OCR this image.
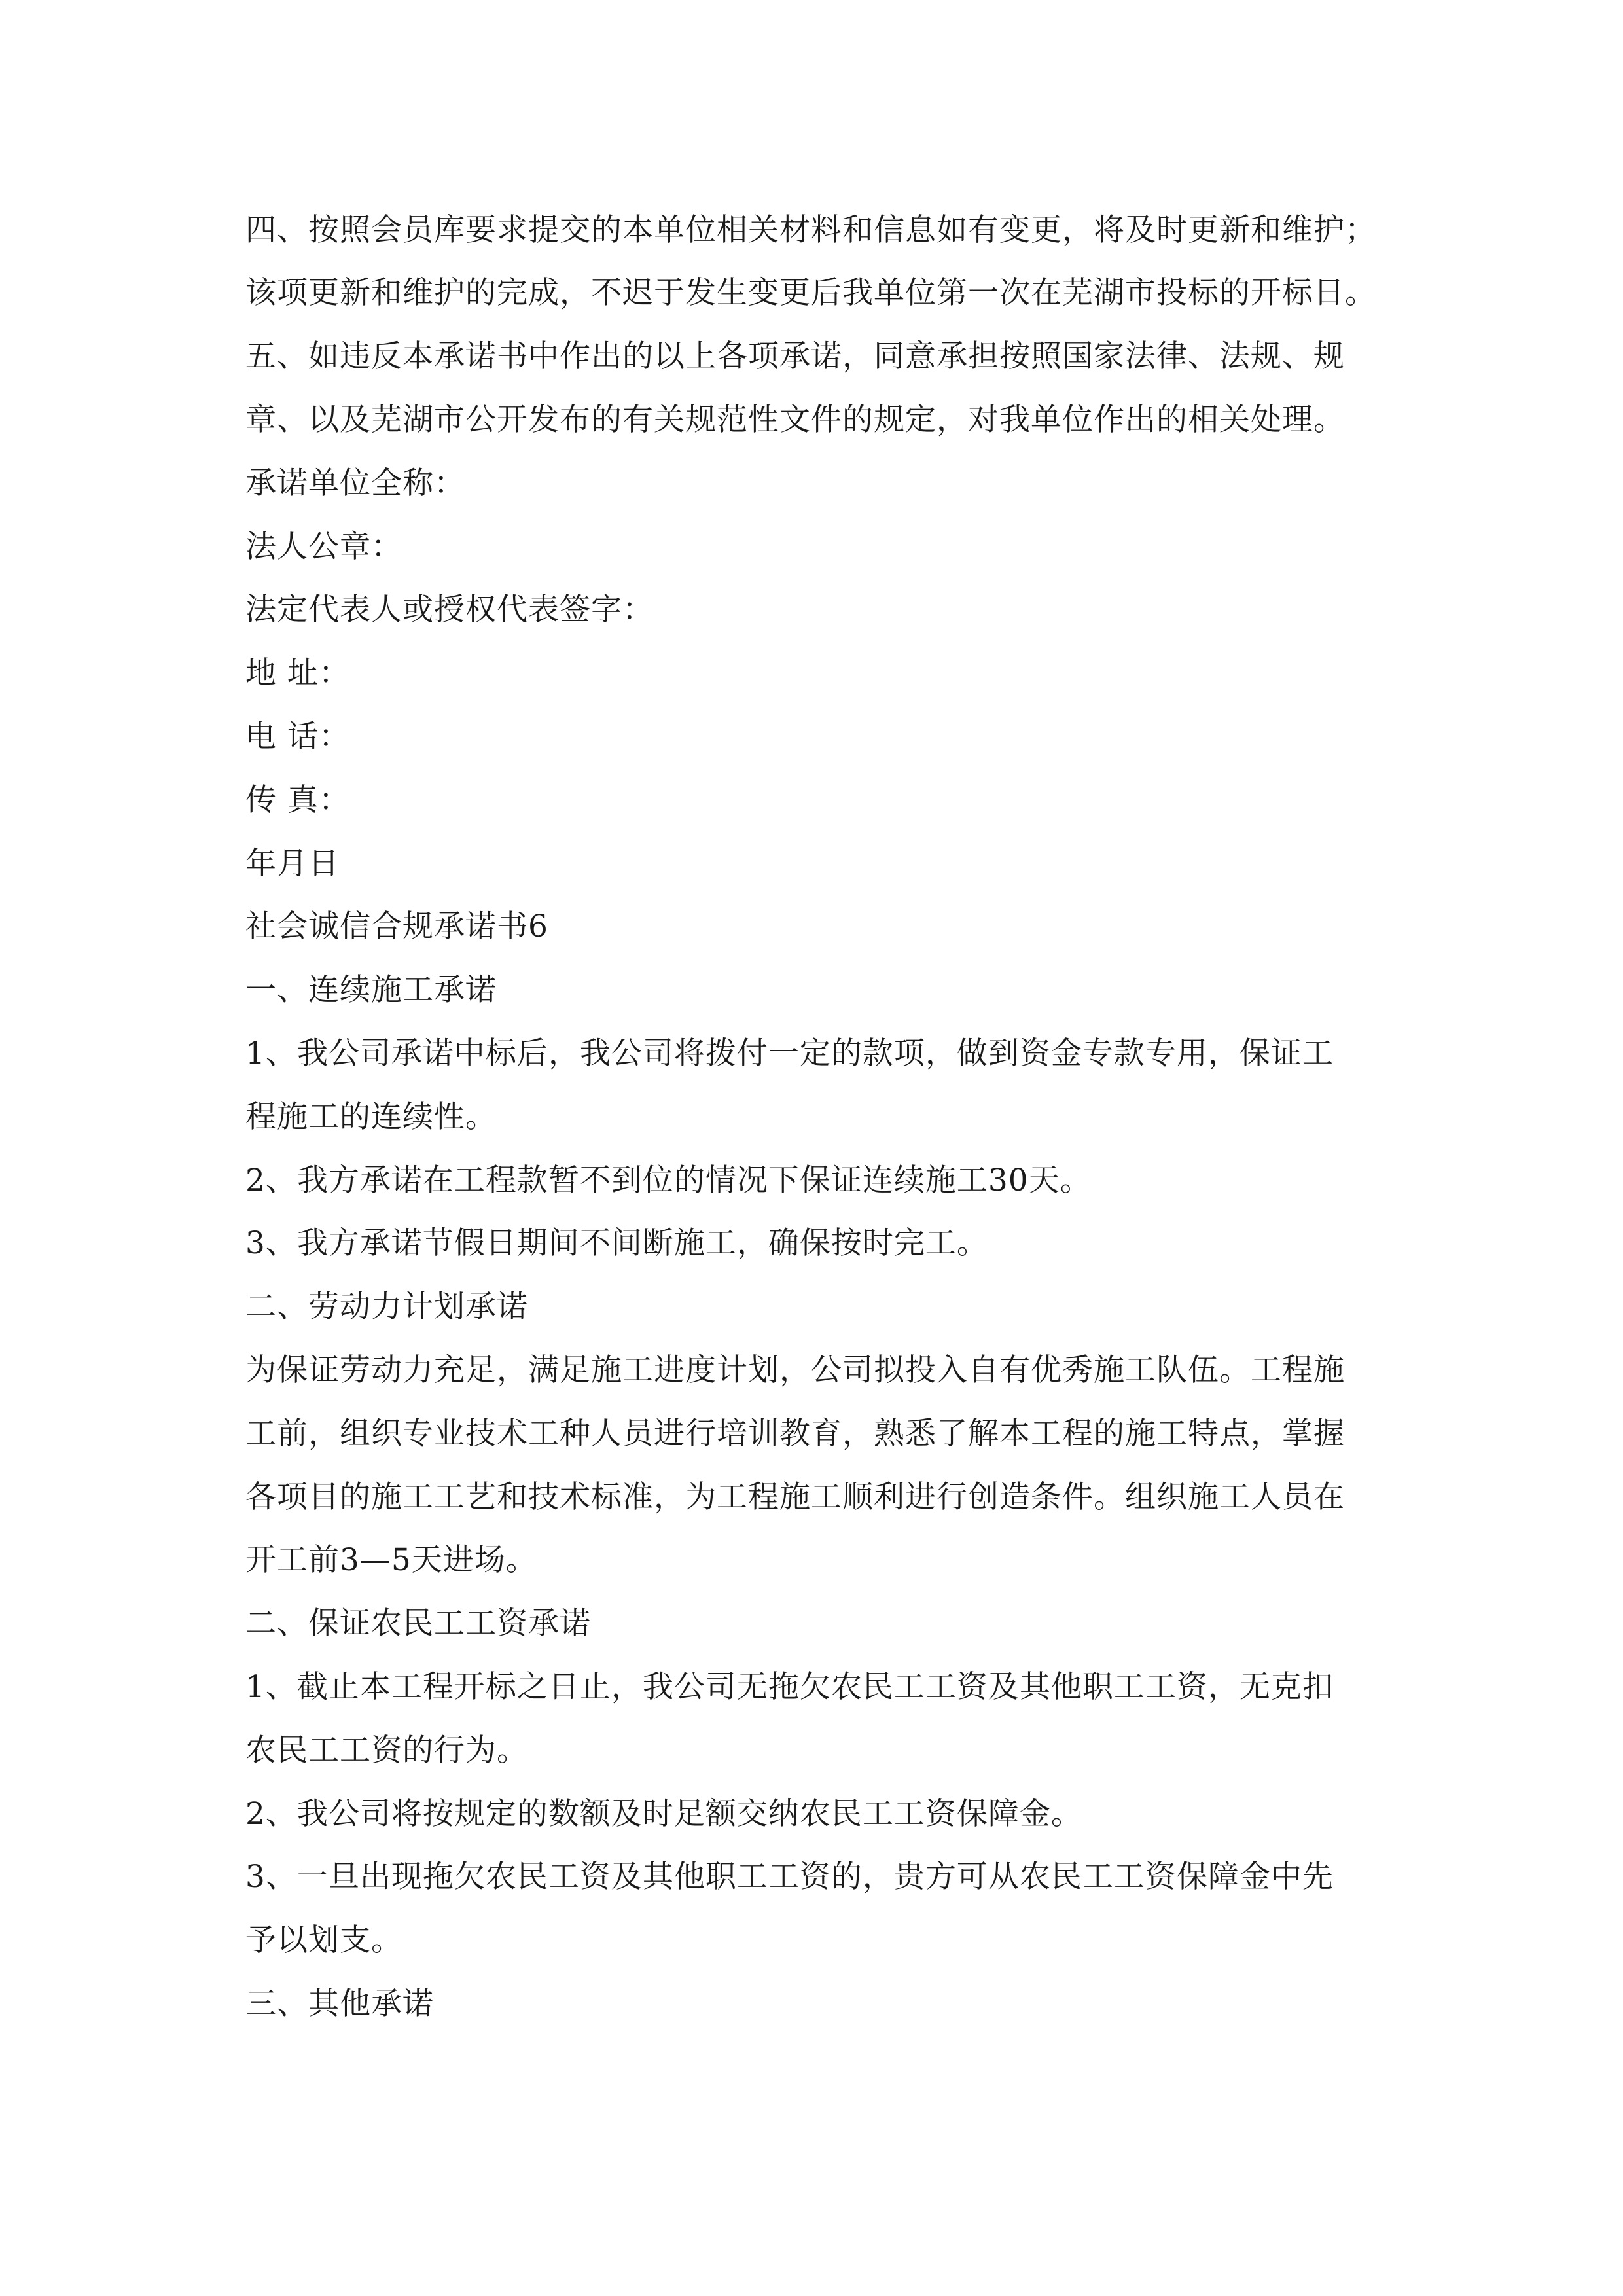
四、按照会员库要求提交的本单位相关材料和信息如有变更，将及时更新和维护；
该项更新和维护的完成，不迟于发生变更后我单位第一次在芜湖市投标的开标日。
五、如违反本承诺书中作出的以上各项承诺，同意承担按照国家法律、法规、规
章、以及芜湖市公开发布的有关规范性文件的规定，对我单位作出的相关处理。
承诺单位全称：
法人公章：
法定代表人或授权代表签字：
地 址：
电 话：
传 真：
年月日
社会诚信合规承诺书6
一、连续施工承诺
1、我公司承诺中标后，我公司将拨付一定的款项，做到资金专款专用，保证工
程施工的连续性。
2、我方承诺在工程款暂不到位的情况下保证连续施工30天。
3、我方承诺节假日期间不间断施工，确保按时完工。
二、劳动力计划承诺
为保证劳动力充足，满足施工进度计划，公司拟投入自有优秀施工队伍。工程施
工前，组织专业技术工种人员进行培训教育，熟悉了解本工程的施工特点，掌握
各项目的施工工艺和技术标准，为工程施工顺利进行创造条件。组织施工人员在
开工前3—5天进场。
二、保证农民工工资承诺
1、截止本工程开标之日止，我公司无拖欠农民工工资及其他职工工资，无克扣
农民工工资的行为。
2、我公司将按规定的数额及时足额交纳农民工工资保障金。
3、一旦出现拖欠农民工资及其他职工工资的，贵方可从农民工工资保障金中先
予以划支。
三、其他承诺
